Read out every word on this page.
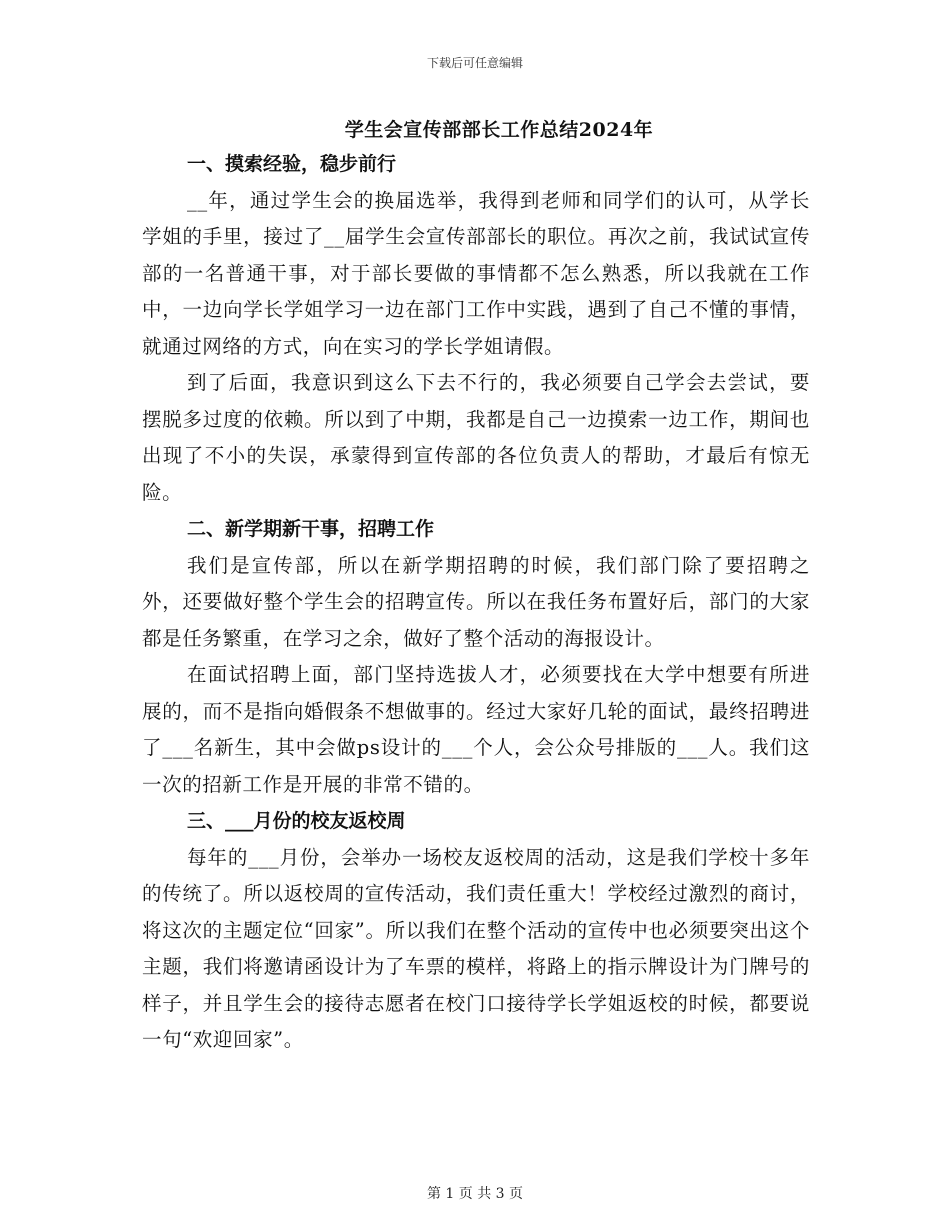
下载后可任意编辑
学生会宣传部部长工作总结2024年

一、摸索经验，稳步前行

__年，通过学生会的换届选举，我得到老师和同学们的认可，从学长学姐的手里，接过了__届学生会宣传部部长的职位。再次之前，我试试宣传部的一名普通干事，对于部长要做的事情都不怎么熟悉，所以我就在工作中，一边向学长学姐学习一边在部门工作中实践，遇到了自己不懂的事情，就通过网络的方式，向在实习的学长学姐请假。

到了后面，我意识到这么下去不行的，我必须要自己学会去尝试，要摆脱多过度的依赖。所以到了中期，我都是自己一边摸索一边工作，期间也出现了不小的失误，承蒙得到宣传部的各位负责人的帮助，才最后有惊无险。

二、新学期新干事，招聘工作

我们是宣传部，所以在新学期招聘的时候，我们部门除了要招聘之外，还要做好整个学生会的招聘宣传。所以在我任务布置好后，部门的大家都是任务繁重，在学习之余，做好了整个活动的海报设计。

在面试招聘上面，部门坚持选拔人才，必须要找在大学中想要有所进展的，而不是指向婚假条不想做事的。经过大家好几轮的面试，最终招聘进了___名新生，其中会做ps设计的___个人，会公众号排版的___人。我们这一次的招新工作是开展的非常不错的。

三、___月份的校友返校周

每年的___月份，会举办一场校友返校周的活动，这是我们学校十多年的传统了。所以返校周的宣传活动，我们责任重大！学校经过激烈的商讨，将这次的主题定位“回家”。所以我们在整个活动的宣传中也必须要突出这个主题，我们将邀请函设计为了车票的模样，将路上的指示牌设计为门牌号的样子，并且学生会的接待志愿者在校门口接待学长学姐返校的时候，都要说一句“欢迎回家”。

第 1 页 共 3 页
